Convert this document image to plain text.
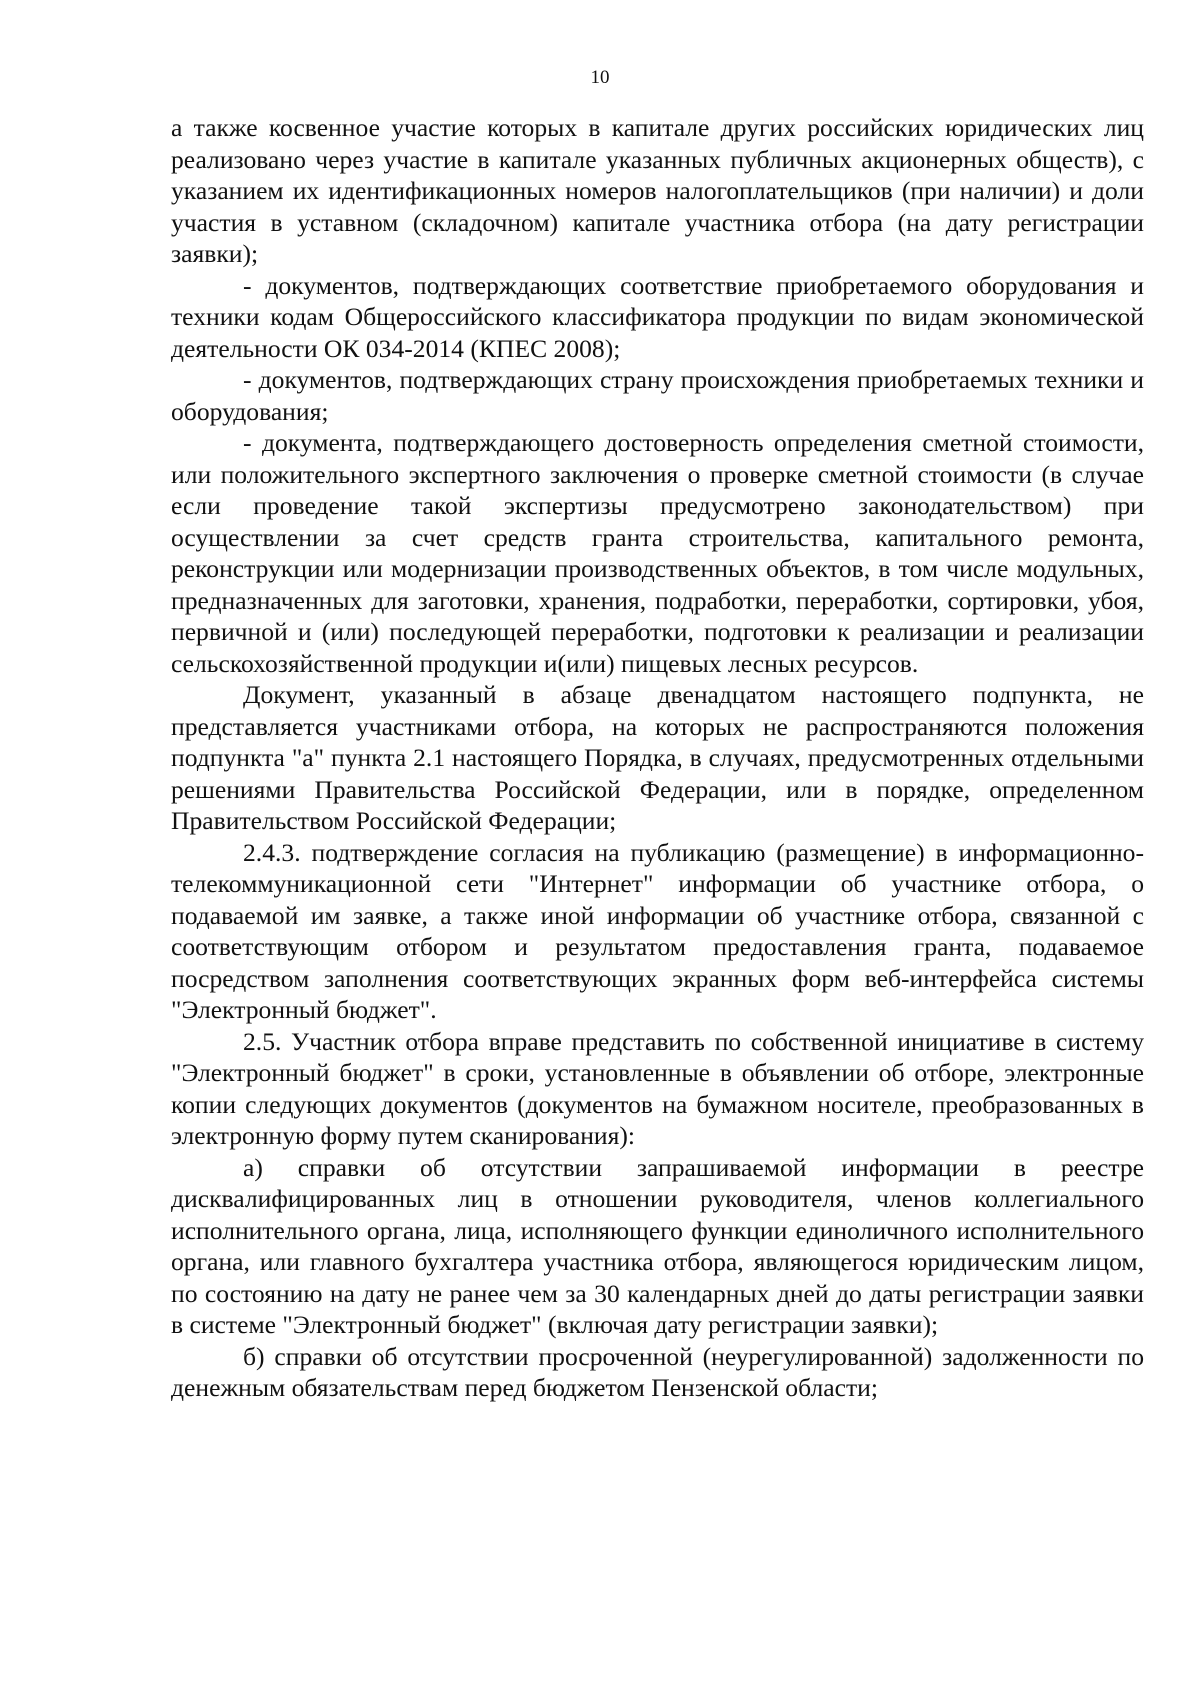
10

а также косвенное участие которых в капитале других российских юридических лиц реализовано через участие в капитале указанных публичных акционерных обществ), с указанием их идентификационных номеров налогоплательщиков (при наличии) и доли участия в уставном (складочном) капитале участника отбора (на дату регистрации заявки);

- документов, подтверждающих соответствие приобретаемого оборудования и техники кодам Общероссийского классификатора продукции по видам экономической деятельности ОК 034-2014 (КПЕС 2008);

- документов, подтверждающих страну происхождения приобретаемых техники и оборудования;

- документа, подтверждающего достоверность определения сметной стоимости, или положительного экспертного заключения о проверке сметной стоимости (в случае если проведение такой экспертизы предусмотрено законодательством) при осуществлении за счет средств гранта строительства, капитального ремонта, реконструкции или модернизации производственных объектов, в том числе модульных, предназначенных для заготовки, хранения, подработки, переработки, сортировки, убоя, первичной и (или) последующей переработки, подготовки к реализации и реализации сельскохозяйственной продукции и(или) пищевых лесных ресурсов.

Документ, указанный в абзаце двенадцатом настоящего подпункта, не представляется участниками отбора, на которых не распространяются положения подпункта "а" пункта 2.1 настоящего Порядка, в случаях, предусмотренных отдельными решениями Правительства Российской Федерации, или в порядке, определенном Правительством Российской Федерации;

2.4.3. подтверждение согласия на публикацию (размещение) в информационно-телекоммуникационной сети "Интернет" информации об участнике отбора, о подаваемой им заявке, а также иной информации об участнике отбора, связанной с соответствующим отбором и результатом предоставления гранта, подаваемое посредством заполнения соответствующих экранных форм веб-интерфейса системы "Электронный бюджет".

2.5. Участник отбора вправе представить по собственной инициативе в систему "Электронный бюджет" в сроки, установленные в объявлении об отборе, электронные копии следующих документов (документов на бумажном носителе, преобразованных в электронную форму путем сканирования):

а) справки об отсутствии запрашиваемой информации в реестре дисквалифицированных лиц в отношении руководителя, членов коллегиального исполнительного органа, лица, исполняющего функции единоличного исполнительного органа, или главного бухгалтера участника отбора, являющегося юридическим лицом, по состоянию на дату не ранее чем за 30 календарных дней до даты регистрации заявки в системе "Электронный бюджет" (включая дату регистрации заявки);

б) справки об отсутствии просроченной (неурегулированной) задолженности по денежным обязательствам перед бюджетом Пензенской области;
